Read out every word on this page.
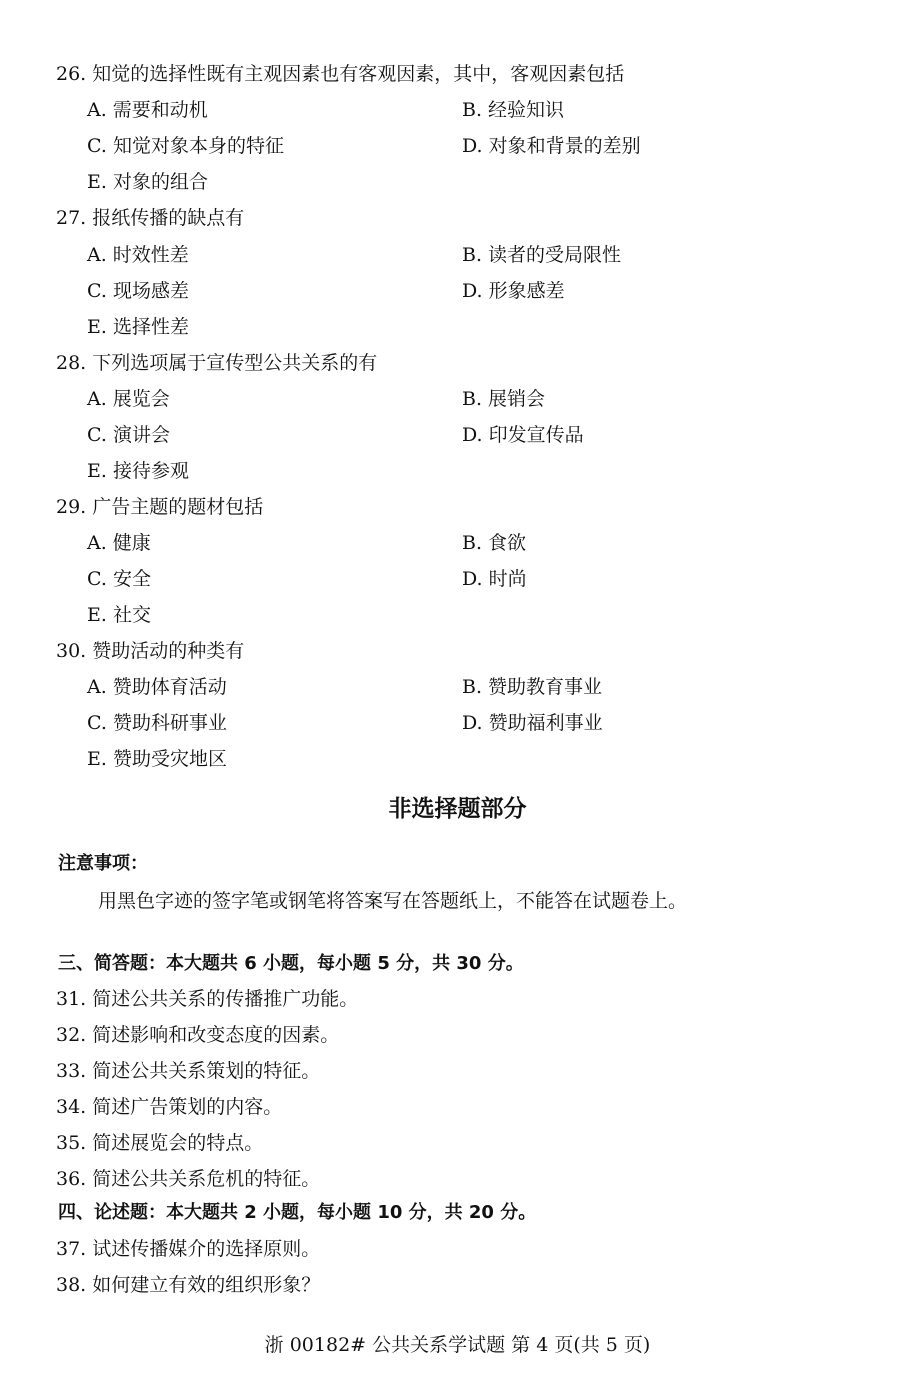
26. 知觉的选择性既有主观因素也有客观因素，其中，客观因素包括
A. 需要和动机	B. 经验知识
C. 知觉对象本身的特征	D. 对象和背景的差别
E. 对象的组合
27. 报纸传播的缺点有
A. 时效性差	B. 读者的受局限性
C. 现场感差	D. 形象感差
E. 选择性差
28. 下列选项属于宣传型公共关系的有
A. 展览会	B. 展销会
C. 演讲会	D. 印发宣传品
E. 接待参观
29. 广告主题的题材包括
A. 健康	B. 食欲
C. 安全	D. 时尚
E. 社交
30. 赞助活动的种类有
A. 赞助体育活动	B. 赞助教育事业
C. 赞助科研事业	D. 赞助福利事业
E. 赞助受灾地区
非选择题部分
注意事项：
用黑色字迹的签字笔或钢笔将答案写在答题纸上，不能答在试题卷上。
三、简答题：本大题共 6 小题，每小题 5 分，共 30 分。
31. 简述公共关系的传播推广功能。
32. 简述影响和改变态度的因素。
33. 简述公共关系策划的特征。
34. 简述广告策划的内容。
35. 简述展览会的特点。
36. 简述公共关系危机的特征。
四、论述题：本大题共 2 小题，每小题 10 分，共 20 分。
37. 试述传播媒介的选择原则。
38. 如何建立有效的组织形象？
浙 00182# 公共关系学试题 第 4 页(共 5 页)
